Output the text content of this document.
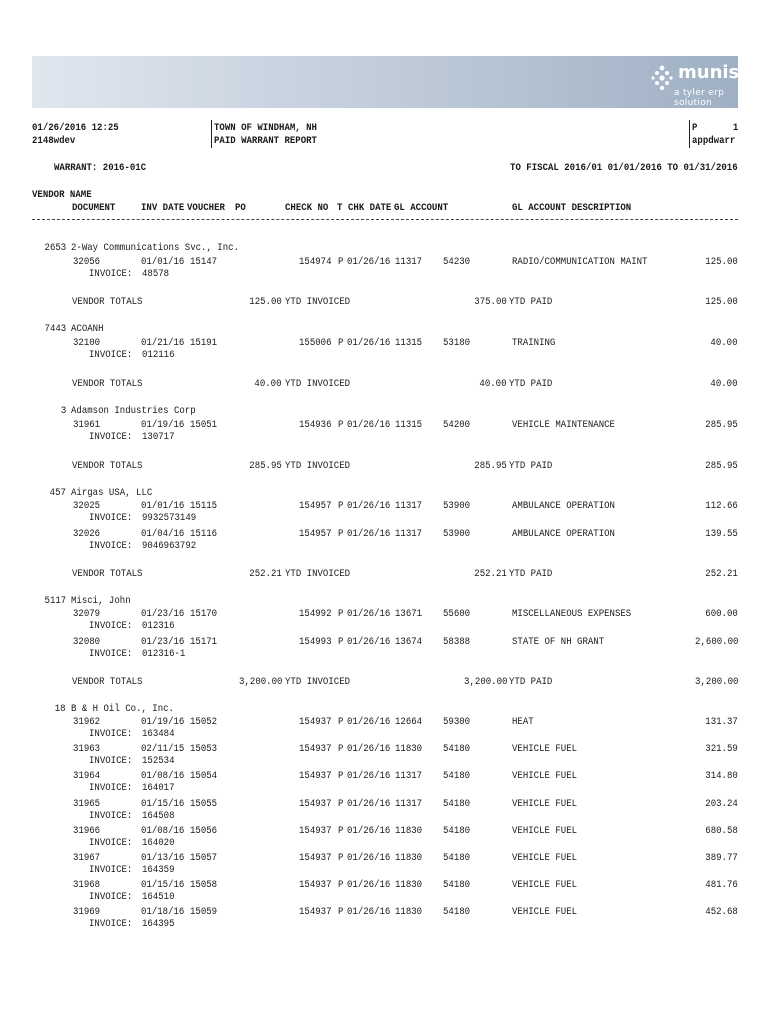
munis
a tyler erp solution
01/26/2016 12:25
2148wdev
TOWN OF WINDHAM, NH
PAID WARRANT REPORT
P	1
appdwarr
WARRANT: 2016-01C	TO FISCAL 2016/01 01/01/2016 TO 01/31/2016
VENDOR NAME
DOCUMENT INV DATE VOUCHER PO	CHECK NO T CHK DATE GL ACCOUNT	GL ACCOUNT DESCRIPTION
2653 2-Way Communications Svc., Inc.
32056	01/01/16 15147	154974 P 01/26/16 11317 54230	RADIO/COMMUNICATION MAINT	125.00
INVOICE: 48578
VENDOR TOTALS	125.00 YTD INVOICED	375.00 YTD PAID	125.00
7443 ACOANH
32100	01/21/16 15191	155006 P 01/26/16 11315 53180	TRAINING	40.00
INVOICE: 012116
VENDOR TOTALS	40.00 YTD INVOICED	40.00 YTD PAID	40.00
3 Adamson Industries Corp
31961	01/19/16 15051	154936 P 01/26/16 11315 54200	VEHICLE MAINTENANCE	285.95
INVOICE: 130717
VENDOR TOTALS	285.95 YTD INVOICED	285.95 YTD PAID	285.95
457 Airgas USA, LLC
32025	01/01/16 15115	154957 P 01/26/16 11317 53900	AMBULANCE OPERATION	112.66
INVOICE: 9932573149
32026	01/04/16 15116	154957 P 01/26/16 11317 53900	AMBULANCE OPERATION	139.55
INVOICE: 9046963792
VENDOR TOTALS	252.21 YTD INVOICED	252.21 YTD PAID	252.21
5117 Misci, John
32079	01/23/16 15170	154992 P 01/26/16 13671 55600	MISCELLANEOUS EXPENSES	600.00
INVOICE: 012316
32080	01/23/16 15171	154993 P 01/26/16 13674 58388	STATE OF NH GRANT	2,600.00
INVOICE: 012316-1
VENDOR TOTALS	3,200.00 YTD INVOICED	3,200.00 YTD PAID	3,200.00
18 B & H Oil Co., Inc.
31962	01/19/16 15052	154937 P 01/26/16 12664 59300	HEAT	131.37
INVOICE: 163484
31963	02/11/15 15053	154937 P 01/26/16 11830 54180	VEHICLE FUEL	321.59
INVOICE: 152534
31964	01/08/16 15054	154937 P 01/26/16 11317 54180	VEHICLE FUEL	314.80
INVOICE: 164017
31965	01/15/16 15055	154937 P 01/26/16 11317 54180	VEHICLE FUEL	203.24
INVOICE: 164508
31966	01/08/16 15056	154937 P 01/26/16 11830 54180	VEHICLE FUEL	680.58
INVOICE: 164020
31967	01/13/16 15057	154937 P 01/26/16 11830 54180	VEHICLE FUEL	389.77
INVOICE: 164359
31968	01/15/16 15058	154937 P 01/26/16 11830 54180	VEHICLE FUEL	481.76
INVOICE: 164510
31969	01/18/16 15059	154937 P 01/26/16 11830 54180	VEHICLE FUEL	452.68
INVOICE: 164395
